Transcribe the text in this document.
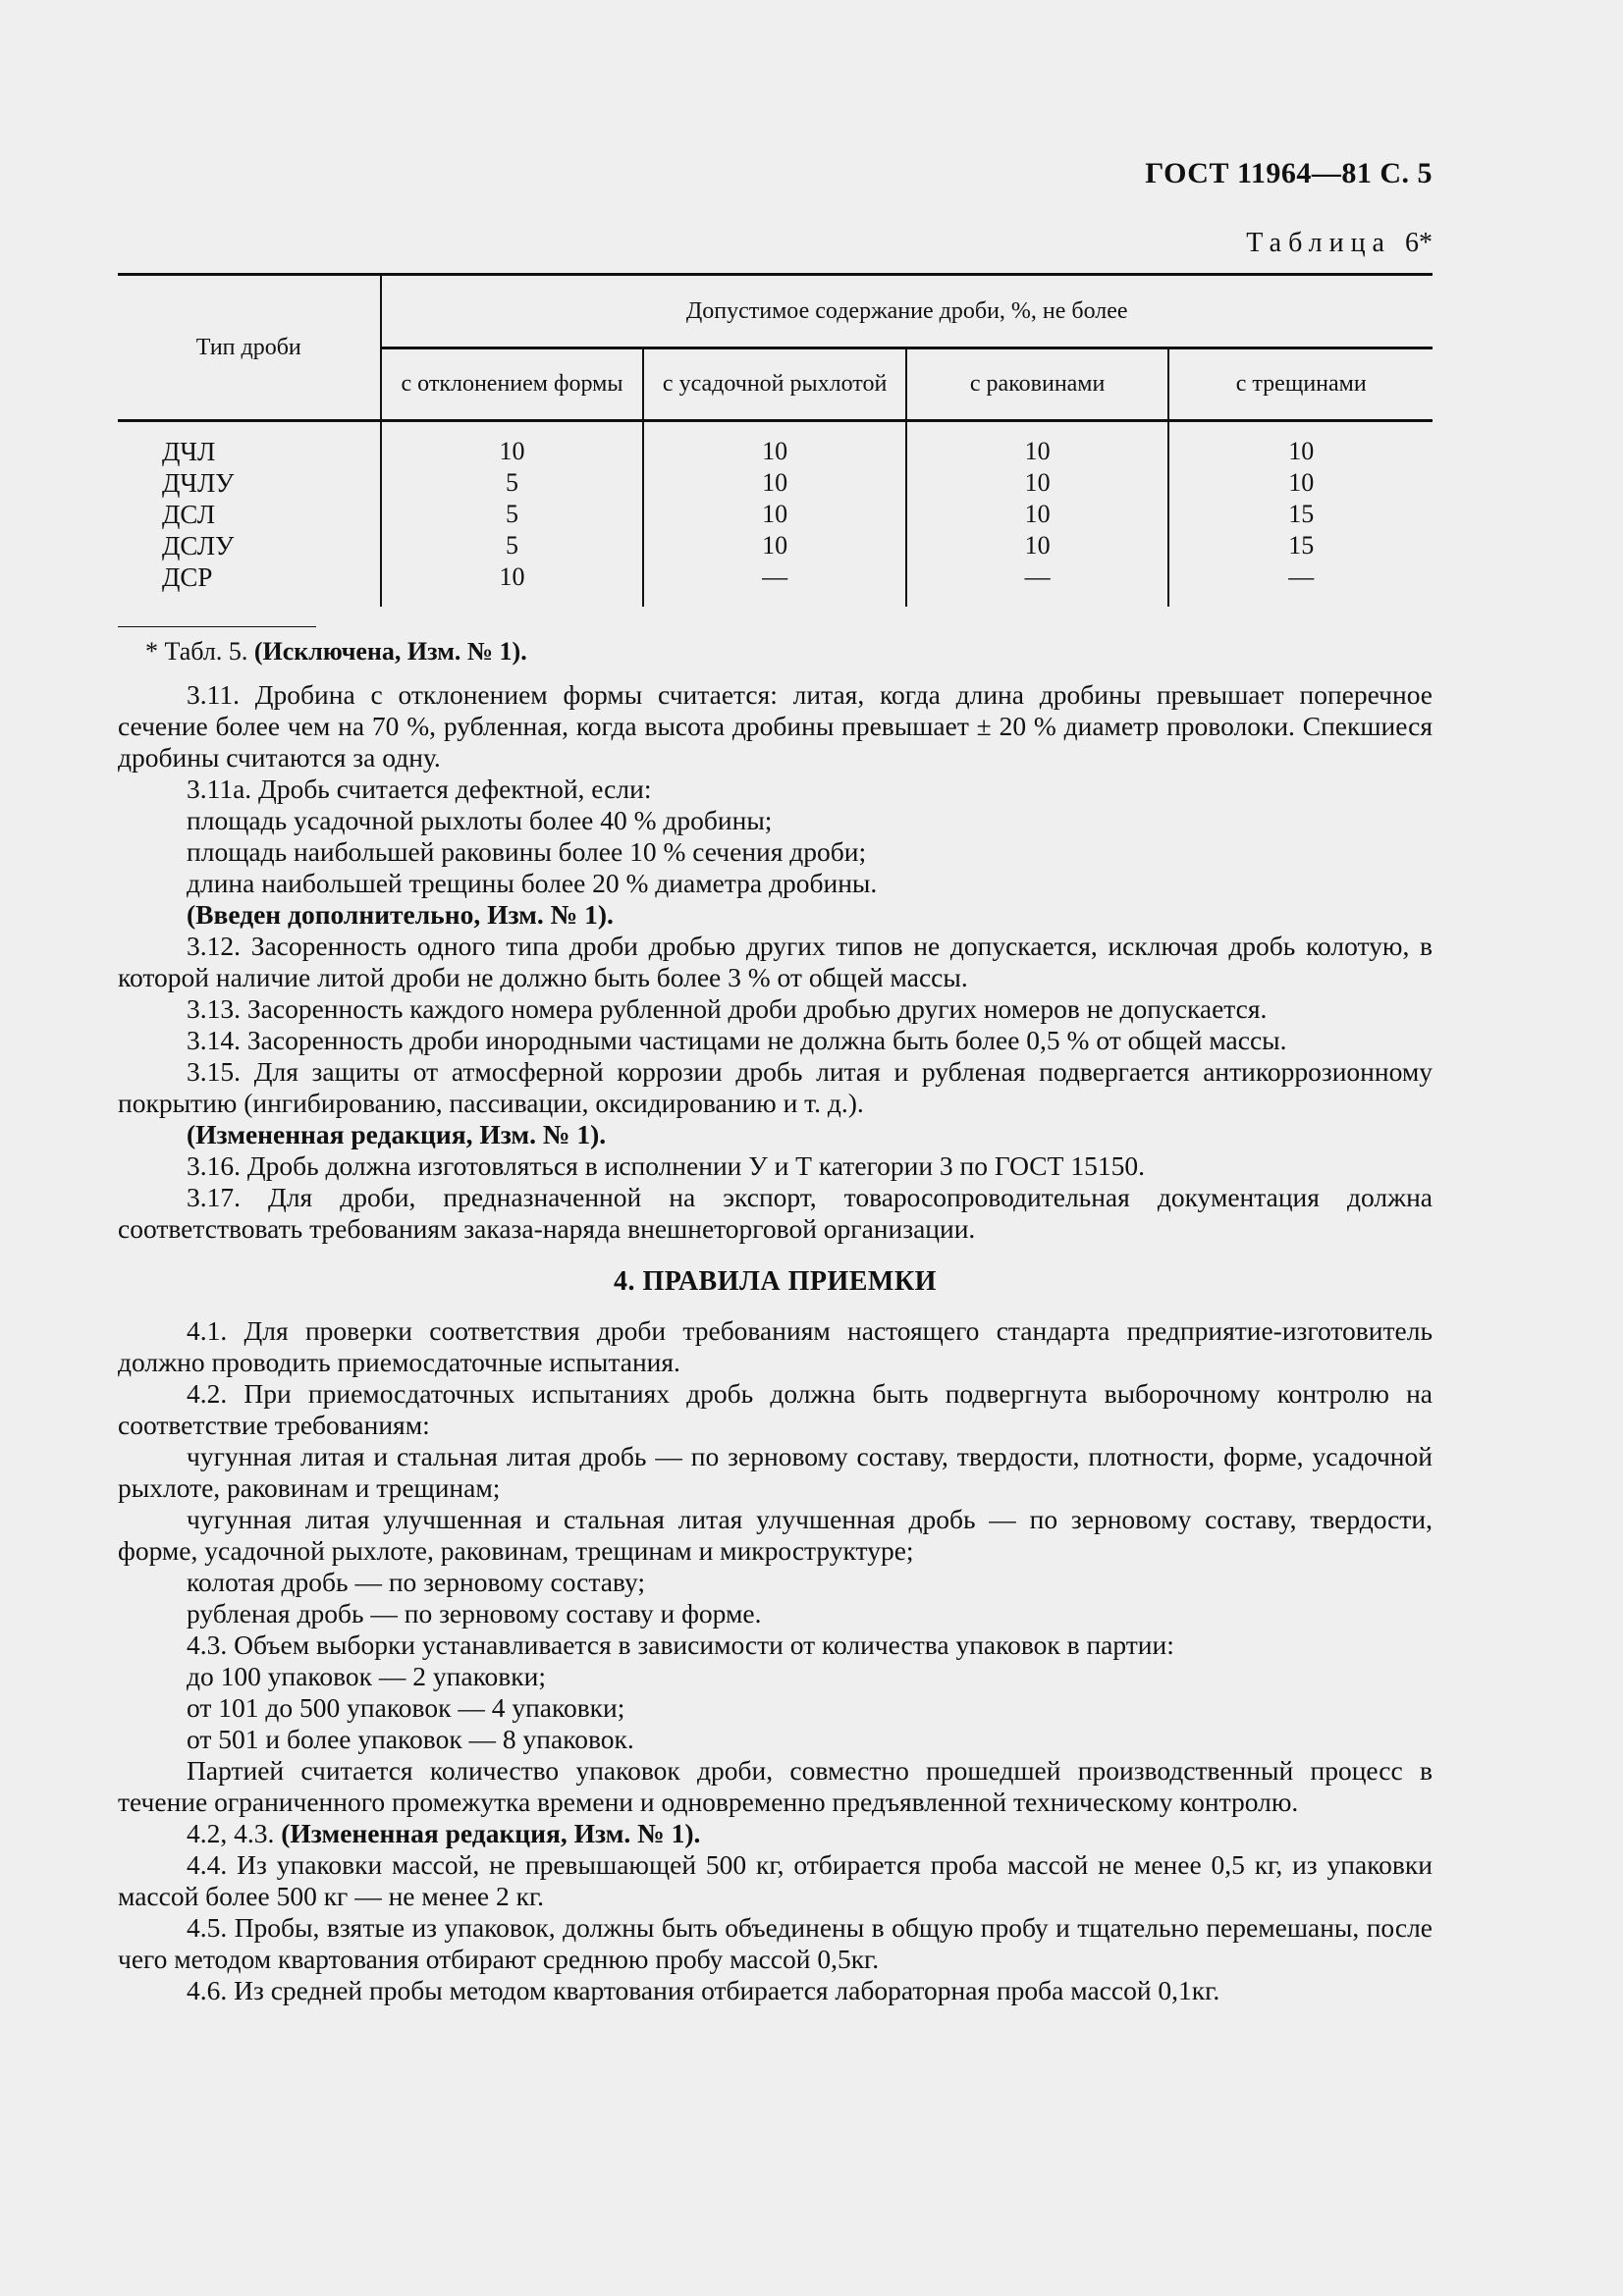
ГОСТ 11964—81 С. 5
Таблица 6*
Тип дроби	Допустимое содержание дроби, %, не более			
	с отклонением формы	с усадочной рыхлотой	с раковинами	с трещинами
ДЧЛ	10	10	10	10
ДЧЛУ	5	10	10	10
ДСЛ	5	10	10	15
ДСЛУ	5	10	10	15
ДСР	10	—	—	—

* Табл. 5. (Исключена, Изм. № 1).

3.11. Дробина с отклонением формы считается: литая, когда длина дробины превышает поперечное сечение более чем на 70 %, рубленная, когда высота дробины превышает ± 20 % диаметр проволоки. Спекшиеся дробины считаются за одну.

3.11а. Дробь считается дефектной, если:

площадь усадочной рыхлоты более 40 % дробины;

площадь наибольшей раковины более 10 % сечения дроби;

длина наибольшей трещины более 20 % диаметра дробины.

(Введен дополнительно, Изм. № 1).

3.12. Засоренность одного типа дроби дробью других типов не допускается, исключая дробь колотую, в которой наличие литой дроби не должно быть более 3 % от общей массы.

3.13. Засоренность каждого номера рубленной дроби дробью других номеров не допускается.

3.14. Засоренность дроби инородными частицами не должна быть более 0,5 % от общей массы.

3.15. Для защиты от атмосферной коррозии дробь литая и рубленая подвергается антикоррозионному покрытию (ингибированию, пассивации, оксидированию и т. д.).

(Измененная редакция, Изм. № 1).

3.16. Дробь должна изготовляться в исполнении У и Т категории 3 по ГОСТ 15150.

3.17. Для дроби, предназначенной на экспорт, товаросопроводительная документация должна соответствовать требованиям заказа-наряда внешнеторговой организации.

4. ПРАВИЛА ПРИЕМКИ

4.1. Для проверки соответствия дроби требованиям настоящего стандарта предприятие-изготовитель должно проводить приемосдаточные испытания.

4.2. При приемосдаточных испытаниях дробь должна быть подвергнута выборочному контролю на соответствие требованиям:

чугунная литая и стальная литая дробь — по зерновому составу, твердости, плотности, форме, усадочной рыхлоте, раковинам и трещинам;

чугунная литая улучшенная и стальная литая улучшенная дробь — по зерновому составу, твердости, форме, усадочной рыхлоте, раковинам, трещинам и микроструктуре;

колотая дробь — по зерновому составу;

рубленая дробь — по зерновому составу и форме.

4.3. Объем выборки устанавливается в зависимости от количества упаковок в партии:

до 100 упаковок — 2 упаковки;

от 101 до 500 упаковок — 4 упаковки;

от 501 и более упаковок — 8 упаковок.

Партией считается количество упаковок дроби, совместно прошедшей производственный процесс в течение ограниченного промежутка времени и одновременно предъявленной техническому контролю.

4.2, 4.3. (Измененная редакция, Изм. № 1).

4.4. Из упаковки массой, не превышающей 500 кг, отбирается проба массой не менее 0,5 кг, из упаковки массой более 500 кг — не менее 2 кг.

4.5. Пробы, взятые из упаковок, должны быть объединены в общую пробу и тщательно перемешаны, после чего методом квартования отбирают среднюю пробу массой 0,5кг.

4.6. Из средней пробы методом квартования отбирается лабораторная проба массой 0,1кг.
